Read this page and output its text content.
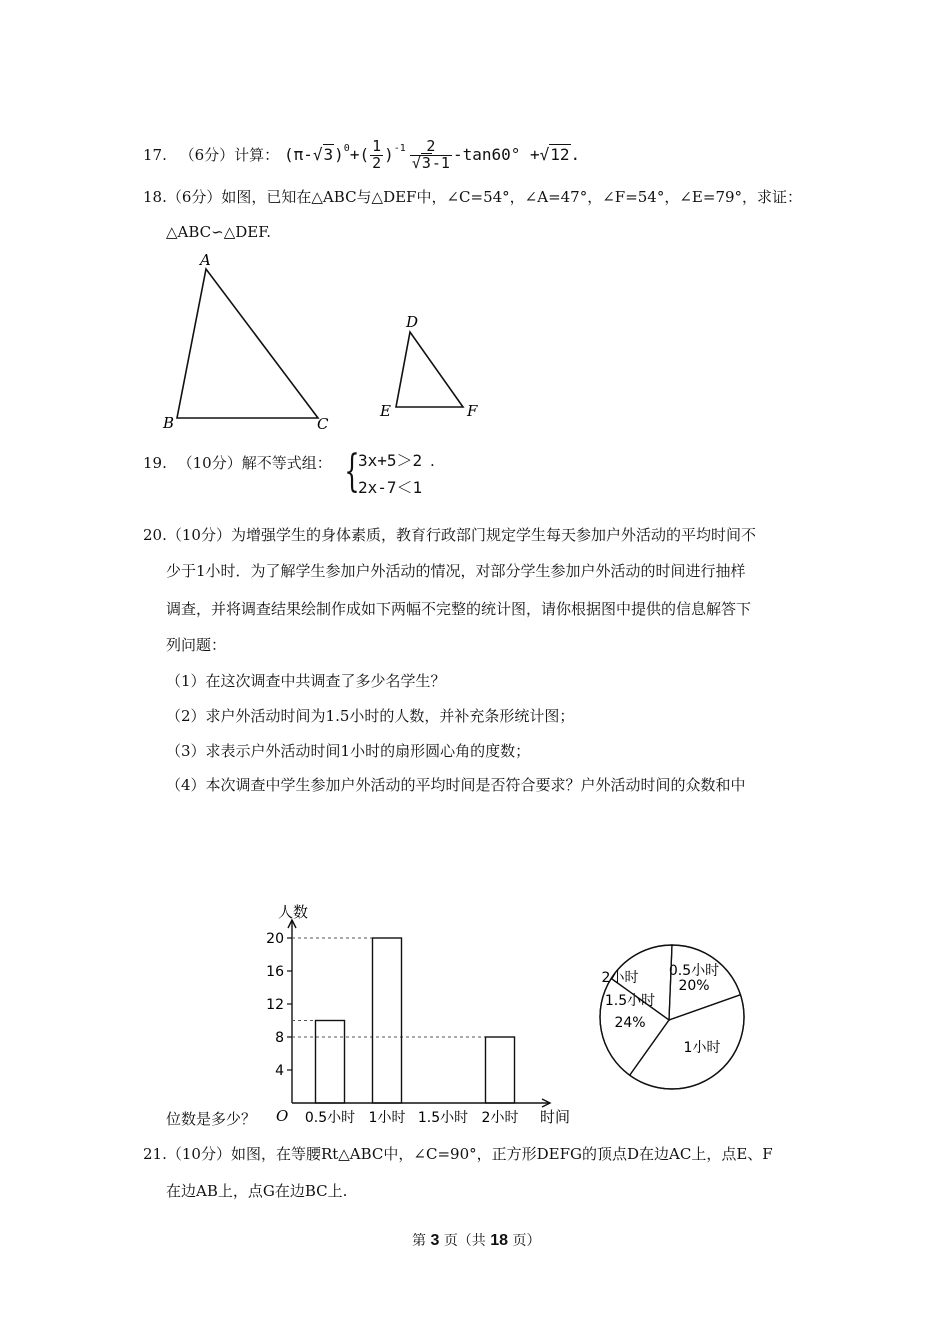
17. （6分）计算： $(\pi-√3)^0+( \frac{1}{2} )^{-1} \frac{2}{√3-1} -\tan 60^\circ +√12$.
18.（6分）如图，已知在△ABC与△DEF中，∠C=54°，∠A=47°，∠F=54°，∠E=79°，求证：
△ABC∽△DEF.
A
B	C
D
E	F
19. （10分）解不等式组： {
3x+5＞2
2x-7＜1
.
20.（10分）为增强学生的身体素质，教育行政部门规定学生每天参加户外活动的平均时间不
少于1小时．为了解学生参加户外活动的情况，对部分学生参加户外活动的时间进行抽样
调查，并将调查结果绘制作成如下两幅不完整的统计图，请你根据图中提供的信息解答下
列问题：
（1）在这次调查中共调查了多少名学生？
（2）求户外活动时间为1.5小时的人数，并补充条形统计图；
（3）求表示户外活动时间1小时的扇形圆心角的度数；
（4）本次调查中学生参加户外活动的平均时间是否符合要求？户外活动时间的众数和中
位数是多少？
人数
时间
O
4
8
12
16
20
0.5小时 1小时 1.5小时 2小时
0.5小时
20%
1小时
1.5小时
24%
2小时
21.（10分）如图，在等腰Rt△ABC中，∠C=90°，正方形DEFG的顶点D在边AC上，点E、F
在边AB上，点G在边BC上.
第 3 页（共 18 页）
